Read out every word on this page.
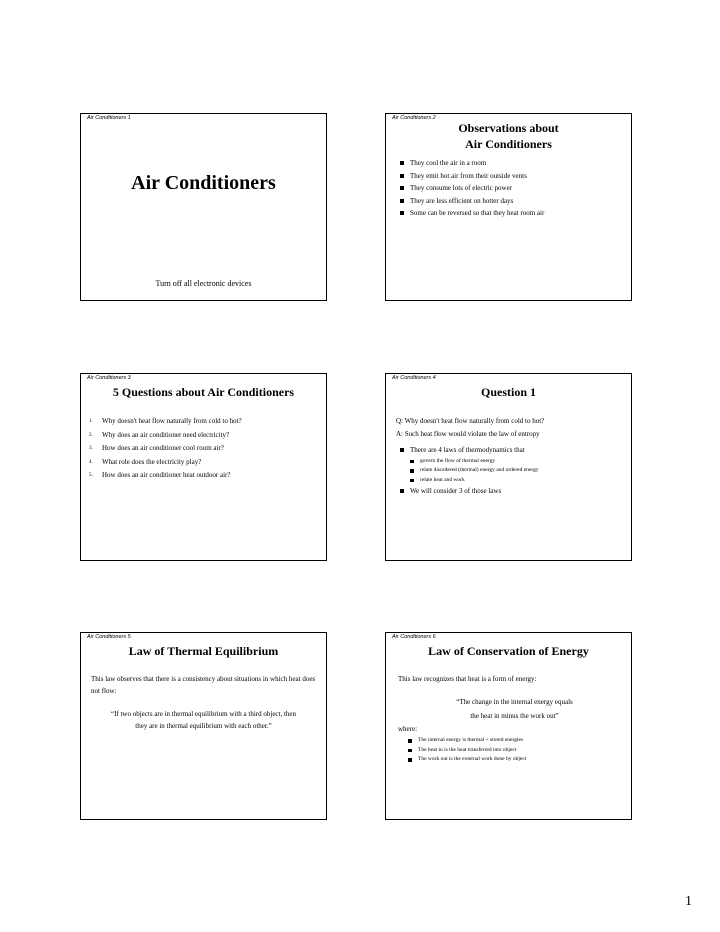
Air Conditioners 1
Air Conditioners
Turn off all electronic devices
Air Conditioners 2
Observations about
Air Conditioners
They cool the air in a room
They emit hot air from their outside vents
They consume lots of electric power
They are less efficient on hotter days
Some can be reversed so that they heat room air
Air Conditioners 3
5 Questions about Air Conditioners
1. Why doesn't heat flow naturally from cold to hot?
2. Why does an air conditioner need electricity?
3. How does an air conditioner cool room air?
4. What role does the electricity play?
5. How does an air conditioner heat outdoor air?
Air Conditioners 4
Question 1
Q: Why doesn't heat flow naturally from cold to hot?
A: Such heat flow would violate the law of entropy
There are 4 laws of thermodynamics that
govern the flow of thermal energy
relate disordered (thermal) energy and ordered energy
relate heat and work
We will consider 3 of those laws
Air Conditioners 5
Law of Thermal Equilibrium
This law observes that there is a consistency about situations in which heat does not flow:
“If two objects are in thermal equilibrium with a third object, then
they are in thermal equilibrium with each other.”
Air Conditioners 6
Law of Conservation of Energy
This law recognizes that heat is a form of energy:
“The change in the internal energy equals
the heat in minus the work out”
where:
The internal energy is thermal + stored energies
The heat in is the heat transferred into object
The work out is the external work done by object
1
